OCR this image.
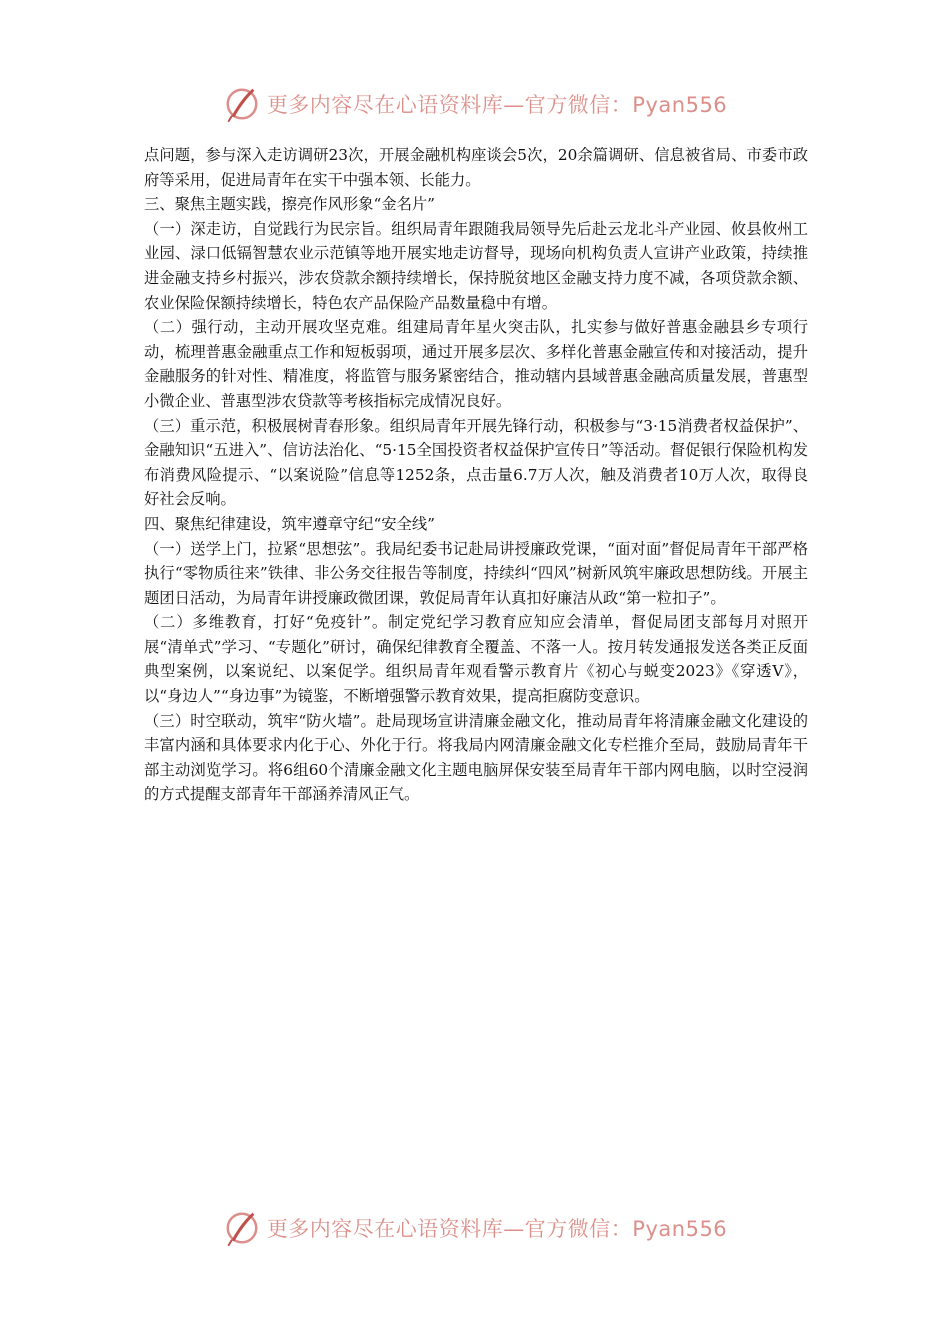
更多内容尽在心语资料库—官方微信：Pyan556

点问题，参与深入走访调研23次，开展金融机构座谈会5次，20余篇调研、信息被省局、市委市政府等采用，促进局青年在实干中强本领、长能力。

三、聚焦主题实践，擦亮作风形象“金名片”

（一）深走访，自觉践行为民宗旨。组织局青年跟随我局领导先后赴云龙北斗产业园、攸县攸州工业园、渌口低镉智慧农业示范镇等地开展实地走访督导，现场向机构负责人宣讲产业政策，持续推进金融支持乡村振兴，涉农贷款余额持续增长，保持脱贫地区金融支持力度不减，各项贷款余额、农业保险保额持续增长，特色农产品保险产品数量稳中有增。

（二）强行动，主动开展攻坚克难。组建局青年星火突击队，扎实参与做好普惠金融县乡专项行动，梳理普惠金融重点工作和短板弱项，通过开展多层次、多样化普惠金融宣传和对接活动，提升金融服务的针对性、精准度，将监管与服务紧密结合，推动辖内县域普惠金融高质量发展，普惠型小微企业、普惠型涉农贷款等考核指标完成情况良好。

（三）重示范，积极展树青春形象。组织局青年开展先锋行动，积极参与“3·15消费者权益保护”、金融知识“五进入”、信访法治化、“5·15全国投资者权益保护宣传日”等活动。督促银行保险机构发布消费风险提示、“以案说险”信息等1252条，点击量6.7万人次，触及消费者10万人次，取得良好社会反响。

四、聚焦纪律建设，筑牢遵章守纪“安全线”

（一）送学上门，拉紧“思想弦”。我局纪委书记赴局讲授廉政党课，“面对面”督促局青年干部严格执行“零物质往来”铁律、非公务交往报告等制度，持续纠“四风”树新风筑牢廉政思想防线。开展主题团日活动，为局青年讲授廉政微团课，敦促局青年认真扣好廉洁从政“第一粒扣子”。

（二）多维教育，打好“免疫针”。制定党纪学习教育应知应会清单，督促局团支部每月对照开展“清单式”学习、“专题化”研讨，确保纪律教育全覆盖、不落一人。按月转发通报发送各类正反面典型案例，以案说纪、以案促学。组织局青年观看警示教育片《初心与蜕变2023》《穿透Ⅴ》，以“身边人”“身边事”为镜鉴，不断增强警示教育效果，提高拒腐防变意识。

（三）时空联动，筑牢“防火墙”。赴局现场宣讲清廉金融文化，推动局青年将清廉金融文化建设的丰富内涵和具体要求内化于心、外化于行。将我局内网清廉金融文化专栏推介至局，鼓励局青年干部主动浏览学习。将6组60个清廉金融文化主题电脑屏保安装至局青年干部内网电脑，以时空浸润的方式提醒支部青年干部涵养清风正气。

更多内容尽在心语资料库—官方微信：Pyan556
